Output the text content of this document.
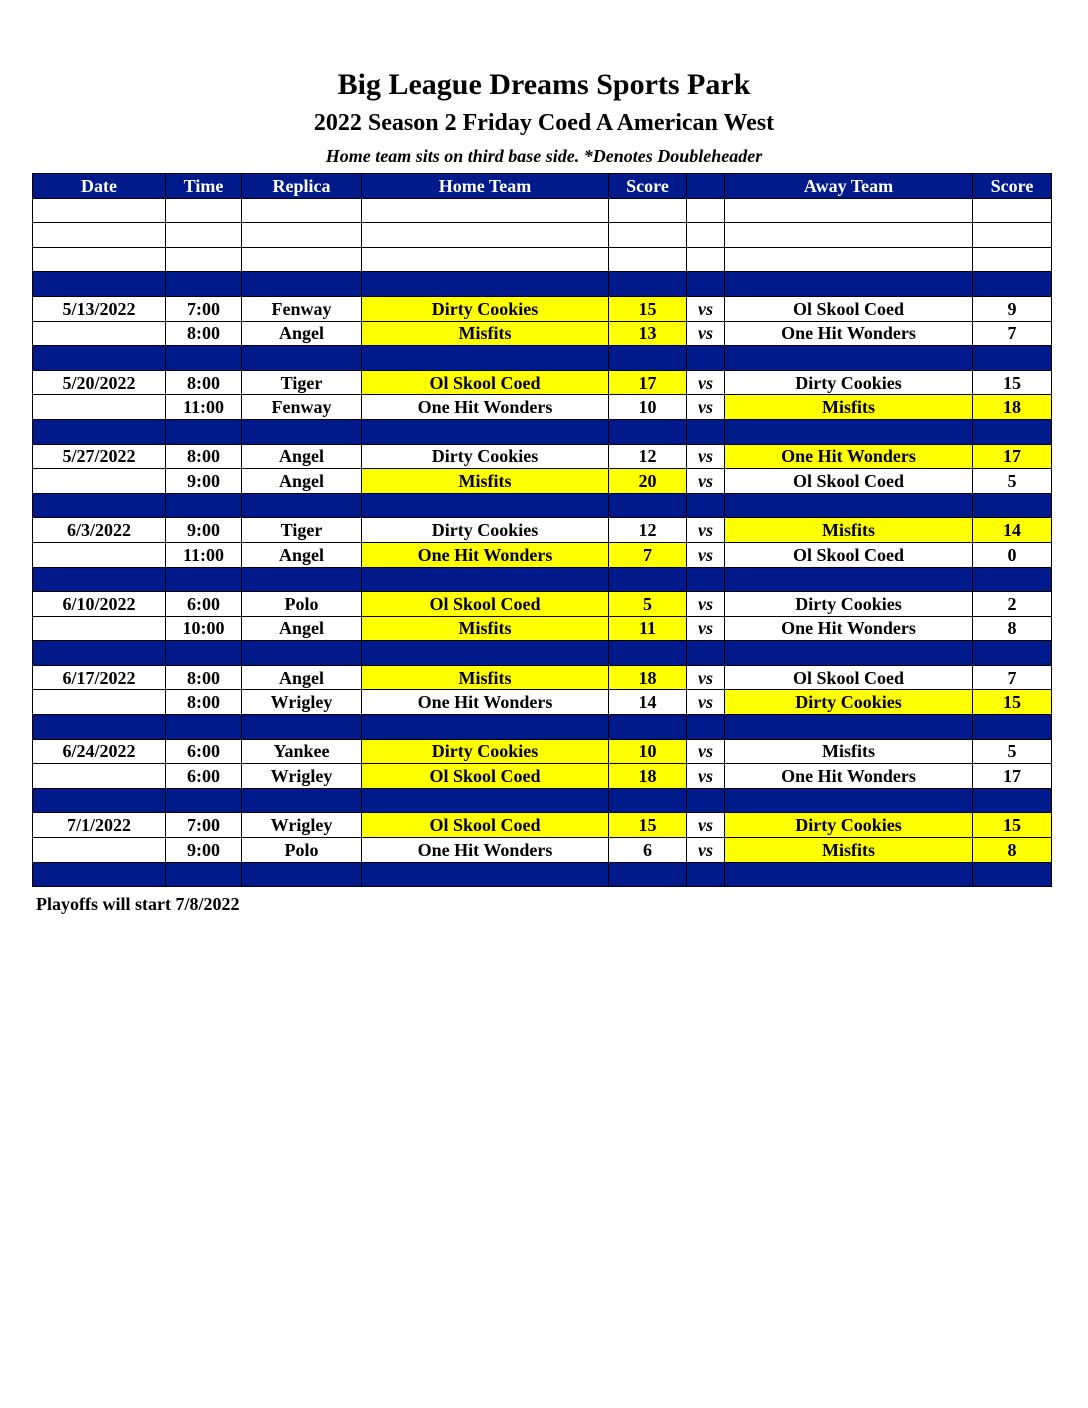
Big League Dreams Sports Park
2022 Season 2 Friday Coed A American West
Home team sits on third base side. *Denotes Doubleheader
Date	Time	Replica	Home Team	Score		Away Team	Score

5/13/2022	7:00	Fenway	Dirty Cookies	15	vs	Ol Skool Coed	9
	8:00	Angel	Misfits	13	vs	One Hit Wonders	7

5/20/2022	8:00	Tiger	Ol Skool Coed	17	vs	Dirty Cookies	15
	11:00	Fenway	One Hit Wonders	10	vs	Misfits	18

5/27/2022	8:00	Angel	Dirty Cookies	12	vs	One Hit Wonders	17
	9:00	Angel	Misfits	20	vs	Ol Skool Coed	5

6/3/2022	9:00	Tiger	Dirty Cookies	12	vs	Misfits	14
	11:00	Angel	One Hit Wonders	7	vs	Ol Skool Coed	0

6/10/2022	6:00	Polo	Ol Skool Coed	5	vs	Dirty Cookies	2
	10:00	Angel	Misfits	11	vs	One Hit Wonders	8

6/17/2022	8:00	Angel	Misfits	18	vs	Ol Skool Coed	7
	8:00	Wrigley	One Hit Wonders	14	vs	Dirty Cookies	15

6/24/2022	6:00	Yankee	Dirty Cookies	10	vs	Misfits	5
	6:00	Wrigley	Ol Skool Coed	18	vs	One Hit Wonders	17

7/1/2022	7:00	Wrigley	Ol Skool Coed	15	vs	Dirty Cookies	15
	9:00	Polo	One Hit Wonders	6	vs	Misfits	8

Playoffs will start 7/8/2022
